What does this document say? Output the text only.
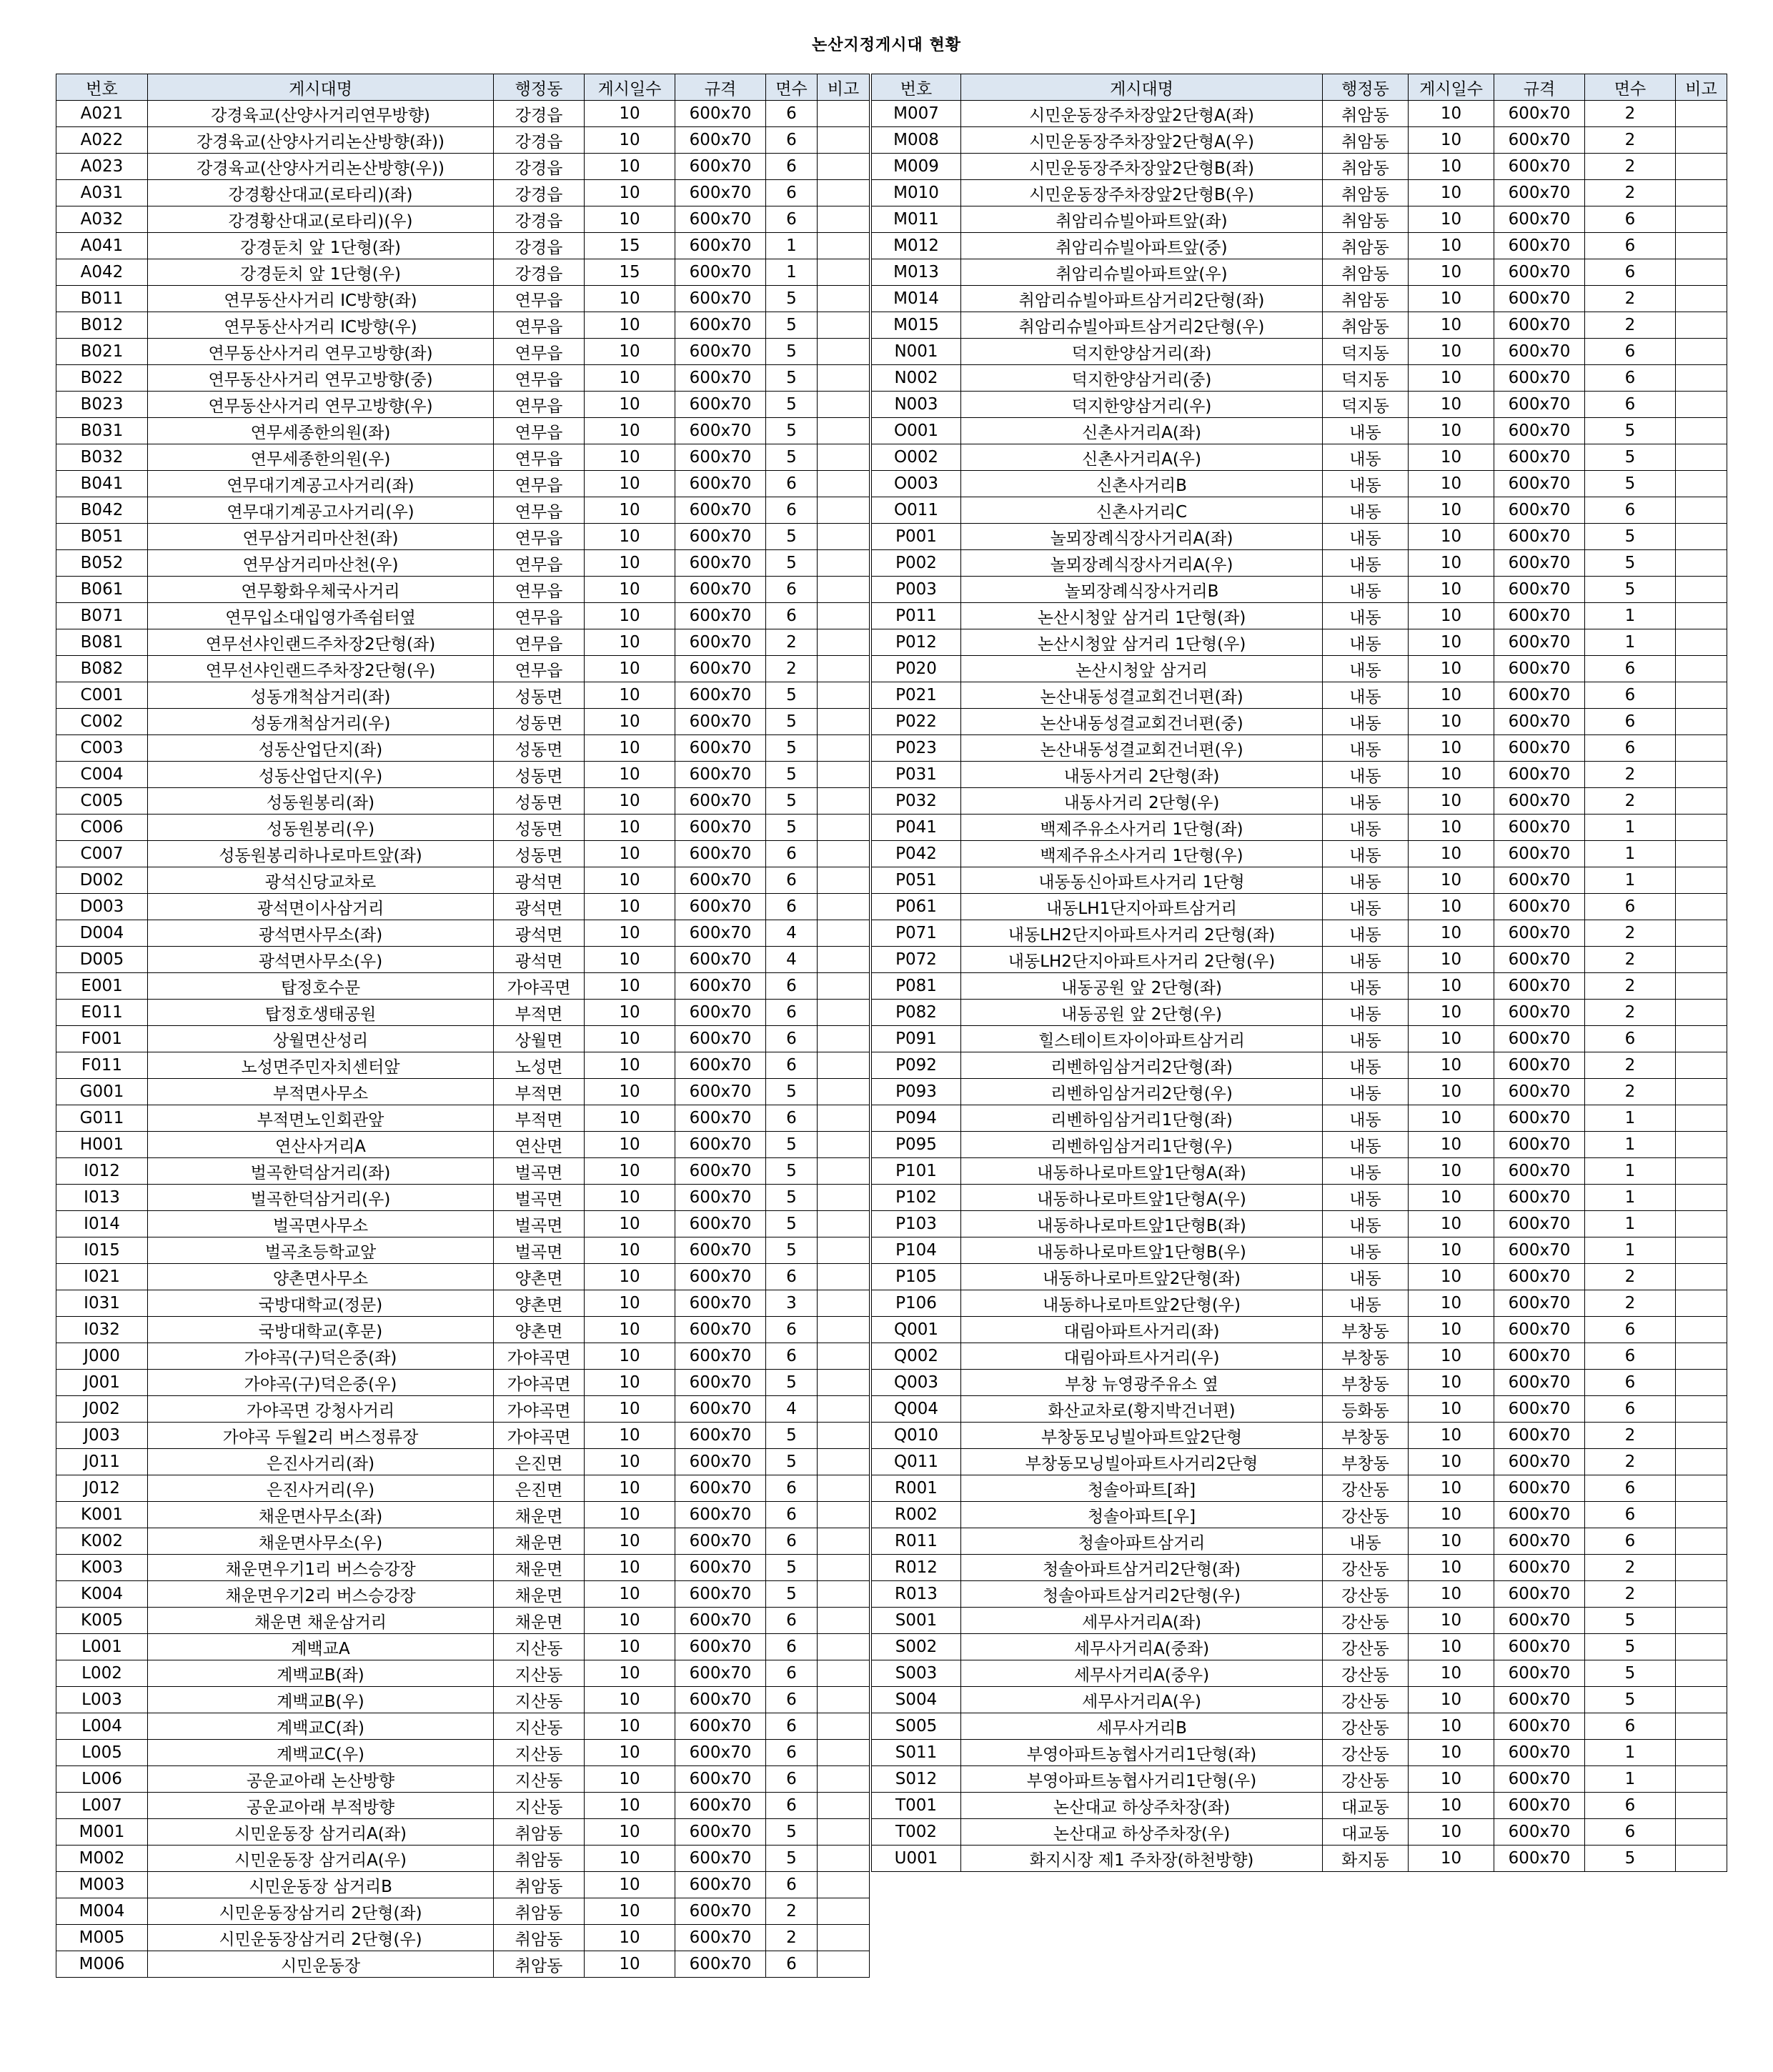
논산지정게시대 현황
번호	게시대명	행정동	게시일수	규격	면수	비고
A021	강경육교(산양사거리연무방향)	강경읍	10	600x70	6	
A022	강경육교(산양사거리논산방향(좌))	강경읍	10	600x70	6	
A023	강경육교(산양사거리논산방향(우))	강경읍	10	600x70	6	
A031	강경황산대교(로타리)(좌)	강경읍	10	600x70	6	
A032	강경황산대교(로타리)(우)	강경읍	10	600x70	6	
A041	강경둔치 앞 1단형(좌)	강경읍	15	600x70	1	
A042	강경둔치 앞 1단형(우)	강경읍	15	600x70	1	
B011	연무동산사거리 IC방향(좌)	연무읍	10	600x70	5	
B012	연무동산사거리 IC방향(우)	연무읍	10	600x70	5	
B021	연무동산사거리 연무고방향(좌)	연무읍	10	600x70	5	
B022	연무동산사거리 연무고방향(중)	연무읍	10	600x70	5	
B023	연무동산사거리 연무고방향(우)	연무읍	10	600x70	5	
B031	연무세종한의원(좌)	연무읍	10	600x70	5	
B032	연무세종한의원(우)	연무읍	10	600x70	5	
B041	연무대기계공고사거리(좌)	연무읍	10	600x70	6	
B042	연무대기계공고사거리(우)	연무읍	10	600x70	6	
B051	연무삼거리마산천(좌)	연무읍	10	600x70	5	
B052	연무삼거리마산천(우)	연무읍	10	600x70	5	
B061	연무황화우체국사거리	연무읍	10	600x70	6	
B071	연무입소대입영가족쉼터옆	연무읍	10	600x70	6	
B081	연무선샤인랜드주차장2단형(좌)	연무읍	10	600x70	2	
B082	연무선샤인랜드주차장2단형(우)	연무읍	10	600x70	2	
C001	성동개척삼거리(좌)	성동면	10	600x70	5	
C002	성동개척삼거리(우)	성동면	10	600x70	5	
C003	성동산업단지(좌)	성동면	10	600x70	5	
C004	성동산업단지(우)	성동면	10	600x70	5	
C005	성동원봉리(좌)	성동면	10	600x70	5	
C006	성동원봉리(우)	성동면	10	600x70	5	
C007	성동원봉리하나로마트앞(좌)	성동면	10	600x70	6	
D002	광석신당교차로	광석면	10	600x70	6	
D003	광석면이사삼거리	광석면	10	600x70	6	
D004	광석면사무소(좌)	광석면	10	600x70	4	
D005	광석면사무소(우)	광석면	10	600x70	4	
E001	탑정호수문	가야곡면	10	600x70	6	
E011	탑정호생태공원	부적면	10	600x70	6	
F001	상월면산성리	상월면	10	600x70	6	
F011	노성면주민자치센터앞	노성면	10	600x70	6	
G001	부적면사무소	부적면	10	600x70	5	
G011	부적면노인회관앞	부적면	10	600x70	6	
H001	연산사거리A	연산면	10	600x70	5	
I012	벌곡한덕삼거리(좌)	벌곡면	10	600x70	5	
I013	벌곡한덕삼거리(우)	벌곡면	10	600x70	5	
I014	벌곡면사무소	벌곡면	10	600x70	5	
I015	벌곡초등학교앞	벌곡면	10	600x70	5	
I021	양촌면사무소	양촌면	10	600x70	6	
I031	국방대학교(정문)	양촌면	10	600x70	3	
I032	국방대학교(후문)	양촌면	10	600x70	6	
J000	가야곡(구)덕은중(좌)	가야곡면	10	600x70	6	
J001	가야곡(구)덕은중(우)	가야곡면	10	600x70	5	
J002	가야곡면 강청사거리	가야곡면	10	600x70	4	
J003	가야곡 두월2리 버스정류장	가야곡면	10	600x70	5	
J011	은진사거리(좌)	은진면	10	600x70	5	
J012	은진사거리(우)	은진면	10	600x70	6	
K001	채운면사무소(좌)	채운면	10	600x70	6	
K002	채운면사무소(우)	채운면	10	600x70	6	
K003	채운면우기1리 버스승강장	채운면	10	600x70	5	
K004	채운면우기2리 버스승강장	채운면	10	600x70	5	
K005	채운면 채운삼거리	채운면	10	600x70	6	
L001	계백교A	지산동	10	600x70	6	
L002	계백교B(좌)	지산동	10	600x70	6	
L003	계백교B(우)	지산동	10	600x70	6	
L004	계백교C(좌)	지산동	10	600x70	6	
L005	계백교C(우)	지산동	10	600x70	6	
L006	공운교아래 논산방향	지산동	10	600x70	6	
L007	공운교아래 부적방향	지산동	10	600x70	6	
M001	시민운동장 삼거리A(좌)	취암동	10	600x70	5	
M002	시민운동장 삼거리A(우)	취암동	10	600x70	5	
M003	시민운동장 삼거리B	취암동	10	600x70	6	
M004	시민운동장삼거리 2단형(좌)	취암동	10	600x70	2	
M005	시민운동장삼거리 2단형(우)	취암동	10	600x70	2	
M006	시민운동장	취암동	10	600x70	6	
번호	게시대명	행정동	게시일수	규격	면수	비고
M007	시민운동장주차장앞2단형A(좌)	취암동	10	600x70	2	
M008	시민운동장주차장앞2단형A(우)	취암동	10	600x70	2	
M009	시민운동장주차장앞2단형B(좌)	취암동	10	600x70	2	
M010	시민운동장주차장앞2단형B(우)	취암동	10	600x70	2	
M011	취암리슈빌아파트앞(좌)	취암동	10	600x70	6	
M012	취암리슈빌아파트앞(중)	취암동	10	600x70	6	
M013	취암리슈빌아파트앞(우)	취암동	10	600x70	6	
M014	취암리슈빌아파트삼거리2단형(좌)	취암동	10	600x70	2	
M015	취암리슈빌아파트삼거리2단형(우)	취암동	10	600x70	2	
N001	덕지한양삼거리(좌)	덕지동	10	600x70	6	
N002	덕지한양삼거리(중)	덕지동	10	600x70	6	
N003	덕지한양삼거리(우)	덕지동	10	600x70	6	
O001	신촌사거리A(좌)	내동	10	600x70	5	
O002	신촌사거리A(우)	내동	10	600x70	5	
O003	신촌사거리B	내동	10	600x70	5	
O011	신촌사거리C	내동	10	600x70	6	
P001	놀뫼장례식장사거리A(좌)	내동	10	600x70	5	
P002	놀뫼장례식장사거리A(우)	내동	10	600x70	5	
P003	놀뫼장례식장사거리B	내동	10	600x70	5	
P011	논산시청앞 삼거리 1단형(좌)	내동	10	600x70	1	
P012	논산시청앞 삼거리 1단형(우)	내동	10	600x70	1	
P020	논산시청앞 삼거리	내동	10	600x70	6	
P021	논산내동성결교회건너편(좌)	내동	10	600x70	6	
P022	논산내동성결교회건너편(중)	내동	10	600x70	6	
P023	논산내동성결교회건너편(우)	내동	10	600x70	6	
P031	내동사거리 2단형(좌)	내동	10	600x70	2	
P032	내동사거리 2단형(우)	내동	10	600x70	2	
P041	백제주유소사거리 1단형(좌)	내동	10	600x70	1	
P042	백제주유소사거리 1단형(우)	내동	10	600x70	1	
P051	내동동신아파트사거리 1단형	내동	10	600x70	1	
P061	내동LH1단지아파트삼거리	내동	10	600x70	6	
P071	내동LH2단지아파트사거리 2단형(좌)	내동	10	600x70	2	
P072	내동LH2단지아파트사거리 2단형(우)	내동	10	600x70	2	
P081	내동공원 앞 2단형(좌)	내동	10	600x70	2	
P082	내동공원 앞 2단형(우)	내동	10	600x70	2	
P091	힐스테이트자이아파트삼거리	내동	10	600x70	6	
P092	리벤하임삼거리2단형(좌)	내동	10	600x70	2	
P093	리벤하임삼거리2단형(우)	내동	10	600x70	2	
P094	리벤하임삼거리1단형(좌)	내동	10	600x70	1	
P095	리벤하임삼거리1단형(우)	내동	10	600x70	1	
P101	내동하나로마트앞1단형A(좌)	내동	10	600x70	1	
P102	내동하나로마트앞1단형A(우)	내동	10	600x70	1	
P103	내동하나로마트앞1단형B(좌)	내동	10	600x70	1	
P104	내동하나로마트앞1단형B(우)	내동	10	600x70	1	
P105	내동하나로마트앞2단형(좌)	내동	10	600x70	2	
P106	내동하나로마트앞2단형(우)	내동	10	600x70	2	
Q001	대림아파트사거리(좌)	부창동	10	600x70	6	
Q002	대림아파트사거리(우)	부창동	10	600x70	6	
Q003	부창 뉴영광주유소 옆	부창동	10	600x70	6	
Q004	화산교차로(황지박건너편)	등화동	10	600x70	6	
Q010	부창동모닝빌아파트앞2단형	부창동	10	600x70	2	
Q011	부창동모닝빌아파트사거리2단형	부창동	10	600x70	2	
R001	청솔아파트[좌]	강산동	10	600x70	6	
R002	청솔아파트[우]	강산동	10	600x70	6	
R011	청솔아파트삼거리	내동	10	600x70	6	
R012	청솔아파트삼거리2단형(좌)	강산동	10	600x70	2	
R013	청솔아파트삼거리2단형(우)	강산동	10	600x70	2	
S001	세무사거리A(좌)	강산동	10	600x70	5	
S002	세무사거리A(중좌)	강산동	10	600x70	5	
S003	세무사거리A(중우)	강산동	10	600x70	5	
S004	세무사거리A(우)	강산동	10	600x70	5	
S005	세무사거리B	강산동	10	600x70	6	
S011	부영아파트농협사거리1단형(좌)	강산동	10	600x70	1	
S012	부영아파트농협사거리1단형(우)	강산동	10	600x70	1	
T001	논산대교 하상주차장(좌)	대교동	10	600x70	6	
T002	논산대교 하상주차장(우)	대교동	10	600x70	6	
U001	화지시장 제1 주차장(하천방향)	화지동	10	600x70	5	
